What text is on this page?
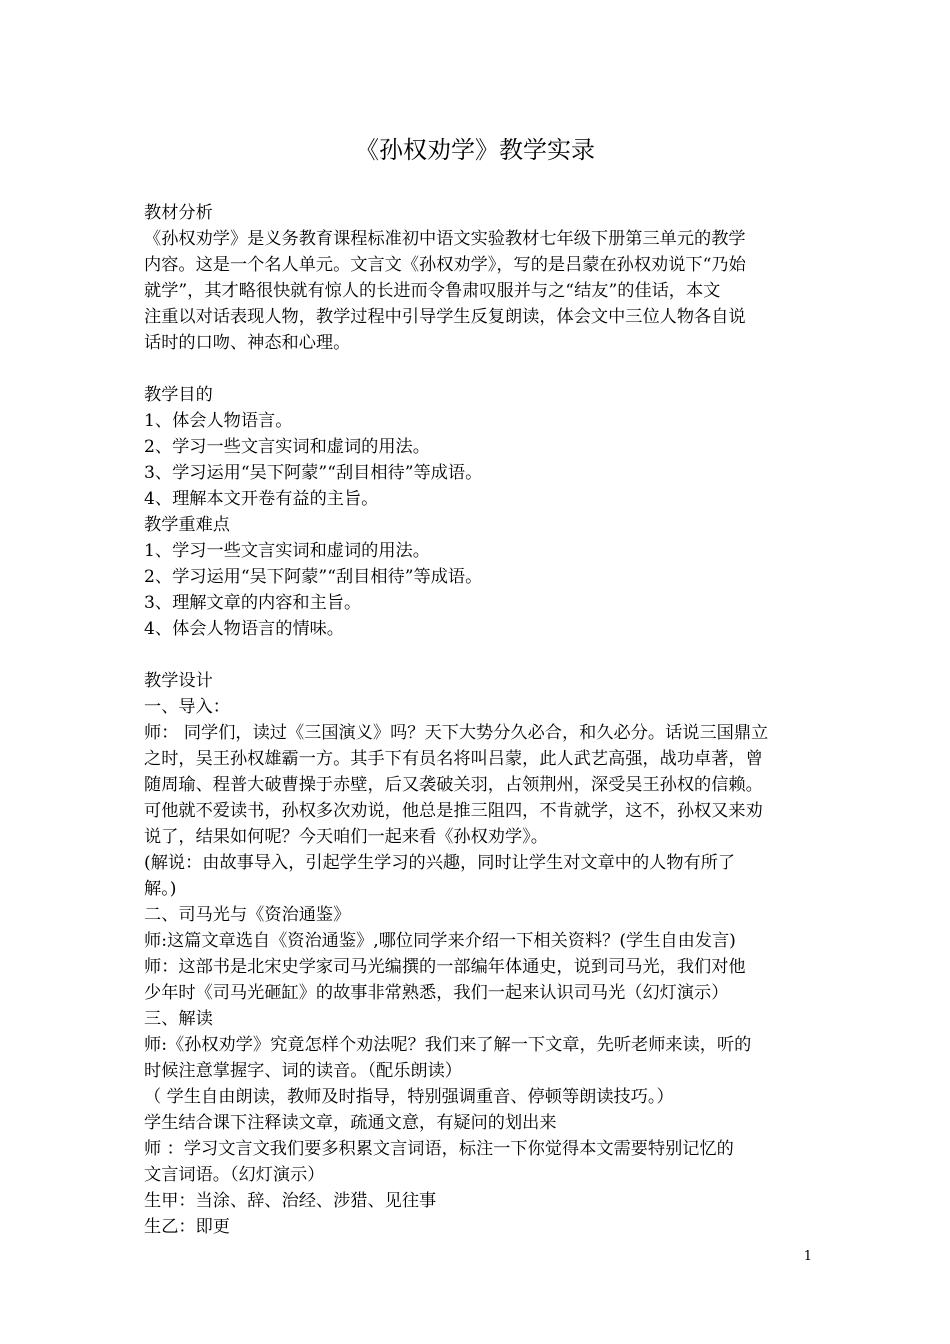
《孙权劝学》教学实录
教材分析
《孙权劝学》是义务教育课程标准初中语文实验教材七年级下册第三单元的教学
内容。这是一个名人单元。文言文《孙权劝学》，写的是吕蒙在孙权劝说下“乃始
就学”，其才略很快就有惊人的长进而令鲁肃叹服并与之“结友”的佳话，本文
注重以对话表现人物，教学过程中引导学生反复朗读，体会文中三位人物各自说
话时的口吻、神态和心理。
教学目的
1、体会人物语言。
2、学习一些文言实词和虚词的用法。
3、学习运用“吴下阿蒙”“刮目相待”等成语。
4、理解本文开卷有益的主旨。
教学重难点
1、学习一些文言实词和虚词的用法。
2、学习运用“吴下阿蒙”“刮目相待”等成语。
3、理解文章的内容和主旨。
4、体会人物语言的情味。
教学设计
一、导入：
师： 同学们，读过《三国演义》吗？天下大势分久必合，和久必分。话说三国鼎立
之时，吴王孙权雄霸一方。其手下有员名将叫吕蒙，此人武艺高强，战功卓著，曾
随周瑜、程普大破曹操于赤壁，后又袭破关羽，占领荆州，深受吴王孙权的信赖。
可他就不爱读书，孙权多次劝说，他总是推三阻四，不肯就学，这不，孙权又来劝
说了，结果如何呢？今天咱们一起来看《孙权劝学》。
(解说：由故事导入，引起学生学习的兴趣，同时让学生对文章中的人物有所了
解。)
二、司马光与《资治通鉴》
师:这篇文章选自《资治通鉴》,哪位同学来介绍一下相关资料？(学生自由发言)
师：这部书是北宋史学家司马光编撰的一部编年体通史，说到司马光，我们对他
少年时《司马光砸缸》的故事非常熟悉，我们一起来认识司马光（幻灯演示）
三、解读
师:《孙权劝学》究竟怎样个劝法呢？我们来了解一下文章，先听老师来读，听的
时候注意掌握字、词的读音。（配乐朗读）
（ 学生自由朗读，教师及时指导，特别强调重音、停顿等朗读技巧。）
学生结合课下注释读文章，疏通文意，有疑问的划出来
师 ：学习文言文我们要多积累文言词语，标注一下你觉得本文需要特别记忆的
文言词语。（幻灯演示）
生甲：当涂、辞、治经、涉猎、见往事
生乙：即更
1
